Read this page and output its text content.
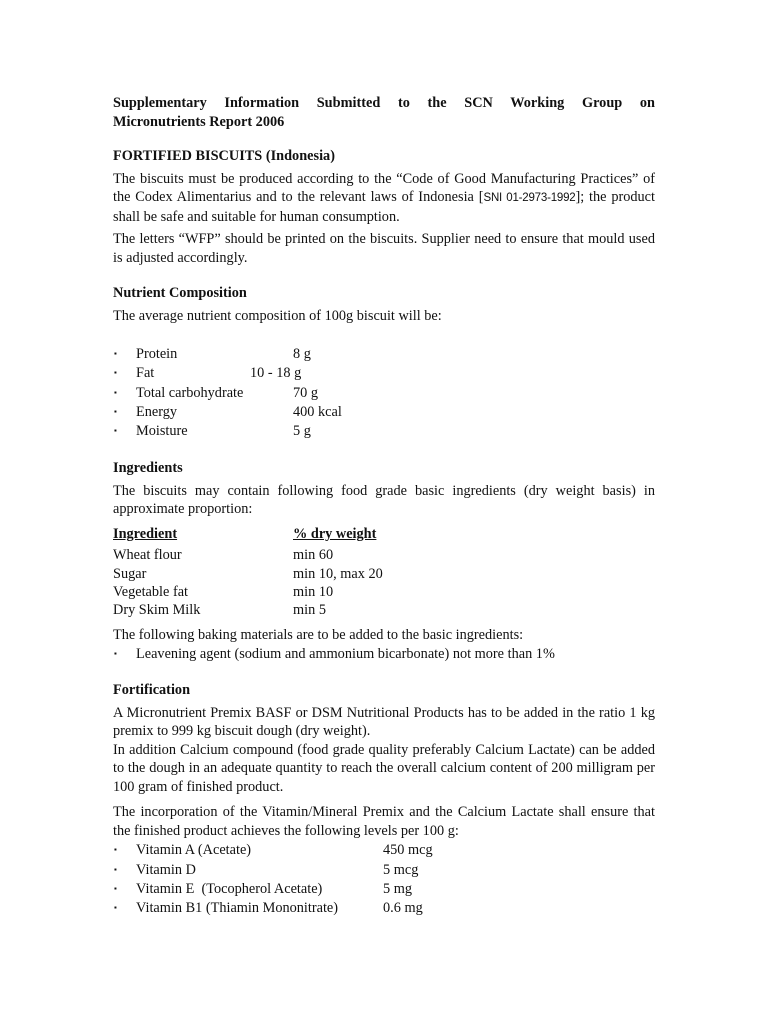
Supplementary Information Submitted to the SCN Working Group on

Micronutrients Report 2006

FORTIFIED BISCUITS (Indonesia)

The biscuits must be produced according to the “Code of Good Manufacturing Practices” of the Codex Alimentarius and to the relevant laws of Indonesia [SNI 01-2973-1992]; the product shall be safe and suitable for human consumption.

The letters “WFP” should be printed on the biscuits. Supplier need to ensure that mould used is adjusted accordingly.

Nutrient Composition

The average nutrient composition of 100g biscuit will be:

▪ Protein	8 g
▪ Fat	10 - 18 g
▪ Total carbohydrate	70 g
▪ Energy	400 kcal
▪ Moisture	5 g

Ingredients

The biscuits may contain following food grade basic ingredients (dry weight basis) in approximate proportion:

Ingredient	% dry weight
Wheat flour	min 60
Sugar	min 10, max 20
Vegetable fat	min 10
Dry Skim Milk	min 5

The following baking materials are to be added to the basic ingredients:

▪ Leavening agent (sodium and ammonium bicarbonate) not more than 1%

Fortification

A Micronutrient Premix BASF or DSM Nutritional Products has to be added in the ratio 1 kg premix to 999 kg biscuit dough (dry weight).

In addition Calcium compound (food grade quality preferably Calcium Lactate) can be added to the dough in an adequate quantity to reach the overall calcium content of 200 milligram per 100 gram of finished product.

The incorporation of the Vitamin/Mineral Premix and the Calcium Lactate shall ensure that the finished product achieves the following levels per 100 g:

▪ Vitamin A (Acetate)	450 mcg
▪ Vitamin D	5 mcg
▪ Vitamin E  (Tocopherol Acetate)	5 mg
▪ Vitamin B1 (Thiamin Mononitrate)	0.6 mg
